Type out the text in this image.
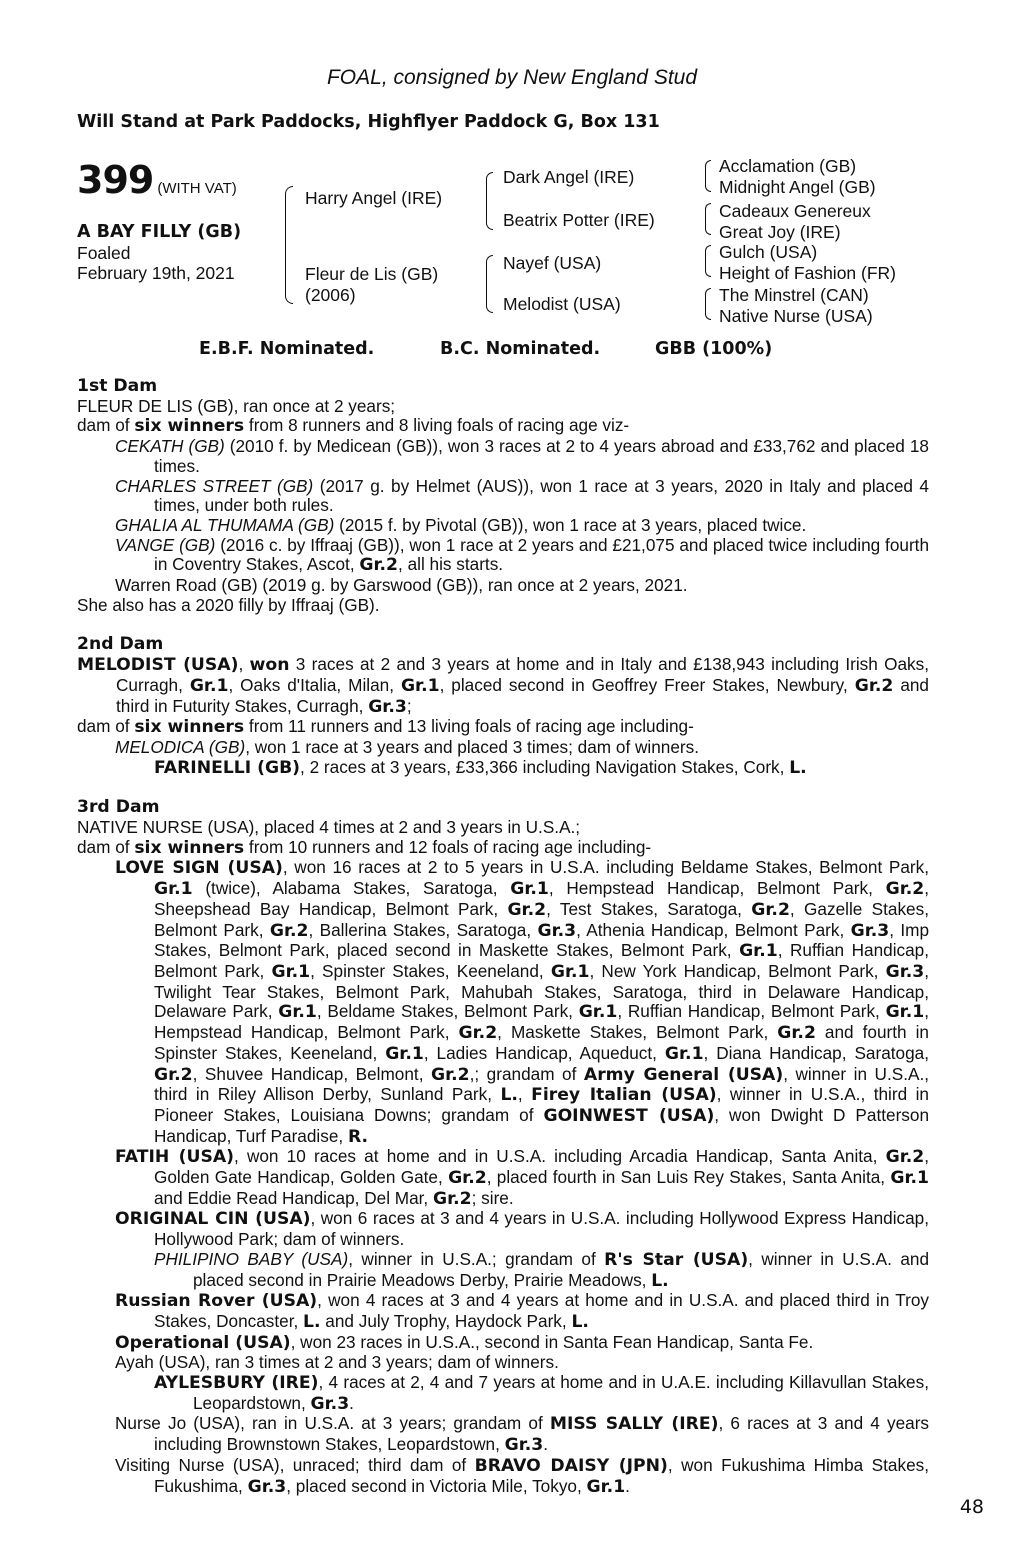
FOAL, consigned by New England Stud
Will Stand at Park Paddocks, Highflyer Paddock G, Box 131
399 (WITH VAT)
A BAY FILLY (GB)
Foaled
February 19th, 2021
Harry Angel (IRE)
Fleur de Lis (GB)
(2006)
Dark Angel (IRE)
Beatrix Potter (IRE)
Nayef (USA)
Melodist (USA)
Acclamation (GB)
Midnight Angel (GB)
Cadeaux Genereux
Great Joy (IRE)
Gulch (USA)
Height of Fashion (FR)
The Minstrel (CAN)
Native Nurse (USA)
E.B.F. Nominated.	B.C. Nominated.	GBB (100%)

1st Dam

FLEUR DE LIS (GB), ran once at 2 years;

dam of six winners from 8 runners and 8 living foals of racing age viz-

CEKATH (GB) (2010 f. by Medicean (GB)), won 3 races at 2 to 4 years abroad and £33,762 and placed 18 times.

CHARLES STREET (GB) (2017 g. by Helmet (AUS)), won 1 race at 3 years, 2020 in Italy and placed 4 times, under both rules.

GHALIA AL THUMAMA (GB) (2015 f. by Pivotal (GB)), won 1 race at 3 years, placed twice.

VANGE (GB) (2016 c. by Iffraaj (GB)), won 1 race at 2 years and £21,075 and placed twice including fourth in Coventry Stakes, Ascot, Gr.2, all his starts.

Warren Road (GB) (2019 g. by Garswood (GB)), ran once at 2 years, 2021.

She also has a 2020 filly by Iffraaj (GB).

2nd Dam

MELODIST (USA), won 3 races at 2 and 3 years at home and in Italy and £138,943 including Irish Oaks, Curragh, Gr.1, Oaks d'Italia, Milan, Gr.1, placed second in Geoffrey Freer Stakes, Newbury, Gr.2 and third in Futurity Stakes, Curragh, Gr.3;

dam of six winners from 11 runners and 13 living foals of racing age including-

MELODICA (GB), won 1 race at 3 years and placed 3 times; dam of winners.

FARINELLI (GB), 2 races at 3 years, £33,366 including Navigation Stakes, Cork, L.

3rd Dam

NATIVE NURSE (USA), placed 4 times at 2 and 3 years in U.S.A.;

dam of six winners from 10 runners and 12 foals of racing age including-

LOVE SIGN (USA), won 16 races at 2 to 5 years in U.S.A. including Beldame Stakes, Belmont Park, Gr.1 (twice), Alabama Stakes, Saratoga, Gr.1, Hempstead Handicap, Belmont Park, Gr.2, Sheepshead Bay Handicap, Belmont Park, Gr.2, Test Stakes, Saratoga, Gr.2, Gazelle Stakes, Belmont Park, Gr.2, Ballerina Stakes, Saratoga, Gr.3, Athenia Handicap, Belmont Park, Gr.3, Imp Stakes, Belmont Park, placed second in Maskette Stakes, Belmont Park, Gr.1, Ruffian Handicap, Belmont Park, Gr.1, Spinster Stakes, Keeneland, Gr.1, New York Handicap, Belmont Park, Gr.3, Twilight Tear Stakes, Belmont Park, Mahubah Stakes, Saratoga, third in Delaware Handicap, Delaware Park, Gr.1, Beldame Stakes, Belmont Park, Gr.1, Ruffian Handicap, Belmont Park, Gr.1, Hempstead Handicap, Belmont Park, Gr.2, Maskette Stakes, Belmont Park, Gr.2 and fourth in Spinster Stakes, Keeneland, Gr.1, Ladies Handicap, Aqueduct, Gr.1, Diana Handicap, Saratoga, Gr.2, Shuvee Handicap, Belmont, Gr.2,; grandam of Army General (USA), winner in U.S.A., third in Riley Allison Derby, Sunland Park, L., Firey Italian (USA), winner in U.S.A., third in Pioneer Stakes, Louisiana Downs; grandam of GOINWEST (USA), won Dwight D Patterson Handicap, Turf Paradise, R.

FATIH (USA), won 10 races at home and in U.S.A. including Arcadia Handicap, Santa Anita, Gr.2, Golden Gate Handicap, Golden Gate, Gr.2, placed fourth in San Luis Rey Stakes, Santa Anita, Gr.1 and Eddie Read Handicap, Del Mar, Gr.2; sire.

ORIGINAL CIN (USA), won 6 races at 3 and 4 years in U.S.A. including Hollywood Express Handicap, Hollywood Park; dam of winners.

PHILIPINO BABY (USA), winner in U.S.A.; grandam of R's Star (USA), winner in U.S.A. and placed second in Prairie Meadows Derby, Prairie Meadows, L.

Russian Rover (USA), won 4 races at 3 and 4 years at home and in U.S.A. and placed third in Troy Stakes, Doncaster, L. and July Trophy, Haydock Park, L.

Operational (USA), won 23 races in U.S.A., second in Santa Fean Handicap, Santa Fe.

Ayah (USA), ran 3 times at 2 and 3 years; dam of winners.

AYLESBURY (IRE), 4 races at 2, 4 and 7 years at home and in U.A.E. including Killavullan Stakes, Leopardstown, Gr.3.

Nurse Jo (USA), ran in U.S.A. at 3 years; grandam of MISS SALLY (IRE), 6 races at 3 and 4 years including Brownstown Stakes, Leopardstown, Gr.3.

Visiting Nurse (USA), unraced; third dam of BRAVO DAISY (JPN), won Fukushima Himba Stakes, Fukushima, Gr.3, placed second in Victoria Mile, Tokyo, Gr.1.

48
